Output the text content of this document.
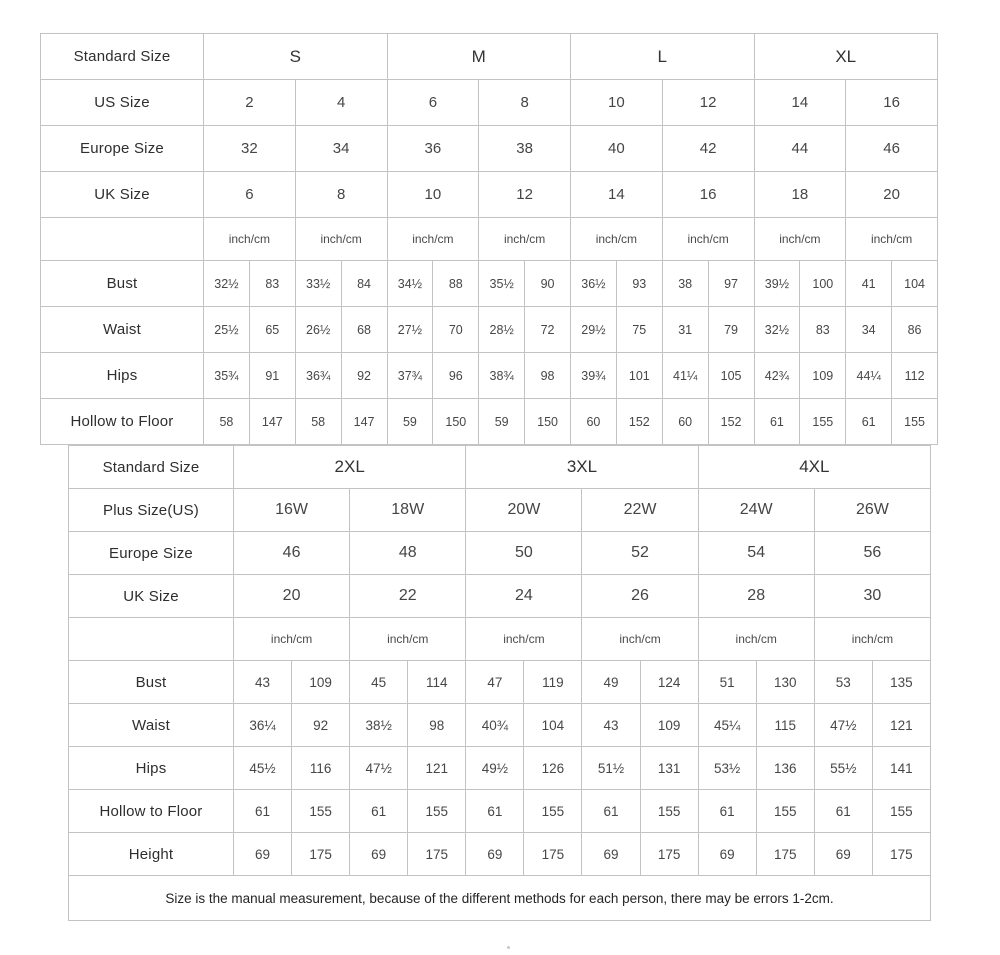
Standard Size	S				M				L				XL			
US Size	2		4		6		8		10		12		14		16	
Europe Size	32		34		36		38		40		42		44		46	
UK Size	6		8		10		12		14		16		18		20	
	inch/cm		inch/cm		inch/cm		inch/cm		inch/cm		inch/cm		inch/cm		inch/cm	
Bust	32½	83	33½	84	34½	88	35½	90	36½	93	38	97	39½	100	41	104
Waist	25½	65	26½	68	27½	70	28½	72	29½	75	31	79	32½	83	34	86
Hips	35¾	91	36¾	92	37¾	96	38¾	98	39¾	101	41¼	105	42¾	109	44¼	112
Hollow to Floor	58	147	58	147	59	150	59	150	60	152	60	152	61	155	61	155
Standard Size	2XL				3XL				4XL			
Plus Size(US)	16W		18W		20W		22W		24W		26W	
Europe Size	46		48		50		52		54		56	
UK Size	20		22		24		26		28		30	
	inch/cm		inch/cm		inch/cm		inch/cm		inch/cm		inch/cm	
Bust	43	109	45	114	47	119	49	124	51	130	53	135
Waist	36¼	92	38½	98	40¾	104	43	109	45¼	115	47½	121
Hips	45½	116	47½	121	49½	126	51½	131	53½	136	55½	141
Hollow to Floor	61	155	61	155	61	155	61	155	61	155	61	155
Height	69	175	69	175	69	175	69	175	69	175	69	175
Size is the manual measurement, because of the different methods for each person, there may be errors 1-2cm.												
